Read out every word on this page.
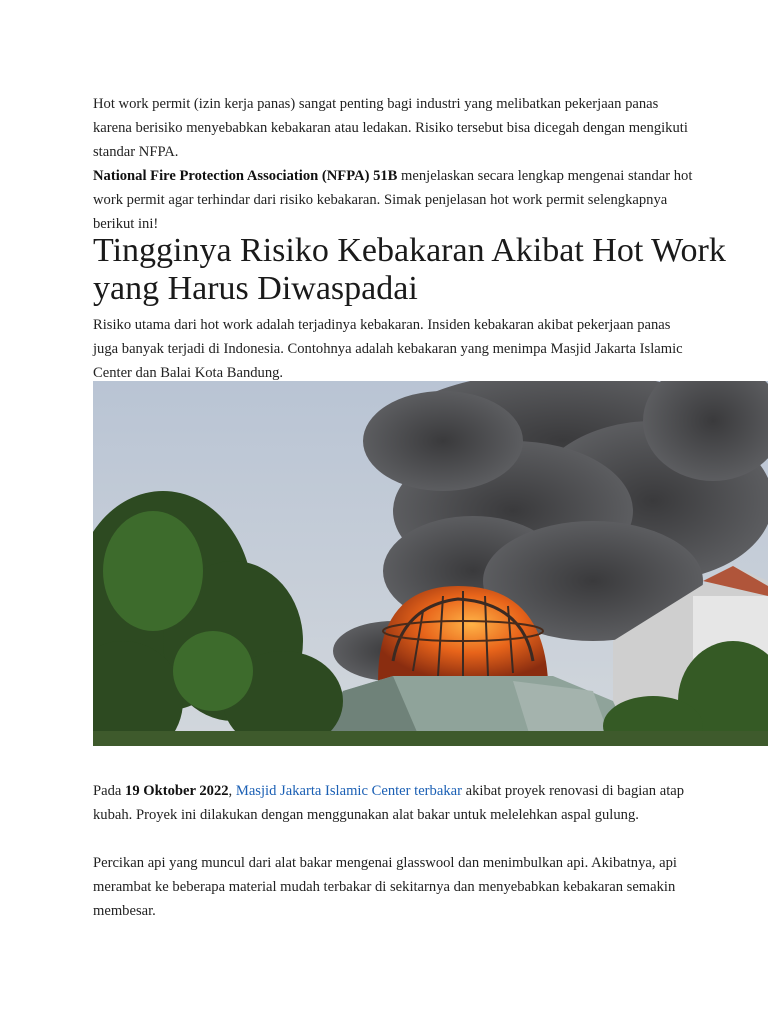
Hot work permit (izin kerja panas) sangat penting bagi industri yang melibatkan pekerjaan panas karena berisiko menyebabkan kebakaran atau ledakan. Risiko tersebut bisa dicegah dengan mengikuti standar NFPA.

National Fire Protection Association (NFPA) 51B menjelaskan secara lengkap mengenai standar hot work permit agar terhindar dari risiko kebakaran. Simak penjelasan hot work permit selengkapnya berikut ini!

Tingginya Risiko Kebakaran Akibat Hot Work yang Harus Diwaspadai

Risiko utama dari hot work adalah terjadinya kebakaran. Insiden kebakaran akibat pekerjaan panas juga banyak terjadi di Indonesia. Contohnya adalah kebakaran yang menimpa Masjid Jakarta Islamic Center dan Balai Kota Bandung.

Pada 19 Oktober 2022, Masjid Jakarta Islamic Center terbakar akibat proyek renovasi di bagian atap kubah. Proyek ini dilakukan dengan menggunakan alat bakar untuk melelehkan aspal gulung.

Percikan api yang muncul dari alat bakar mengenai glasswool dan menimbulkan api. Akibatnya, api merambat ke beberapa material mudah terbakar di sekitarnya dan menyebabkan kebakaran semakin membesar.
